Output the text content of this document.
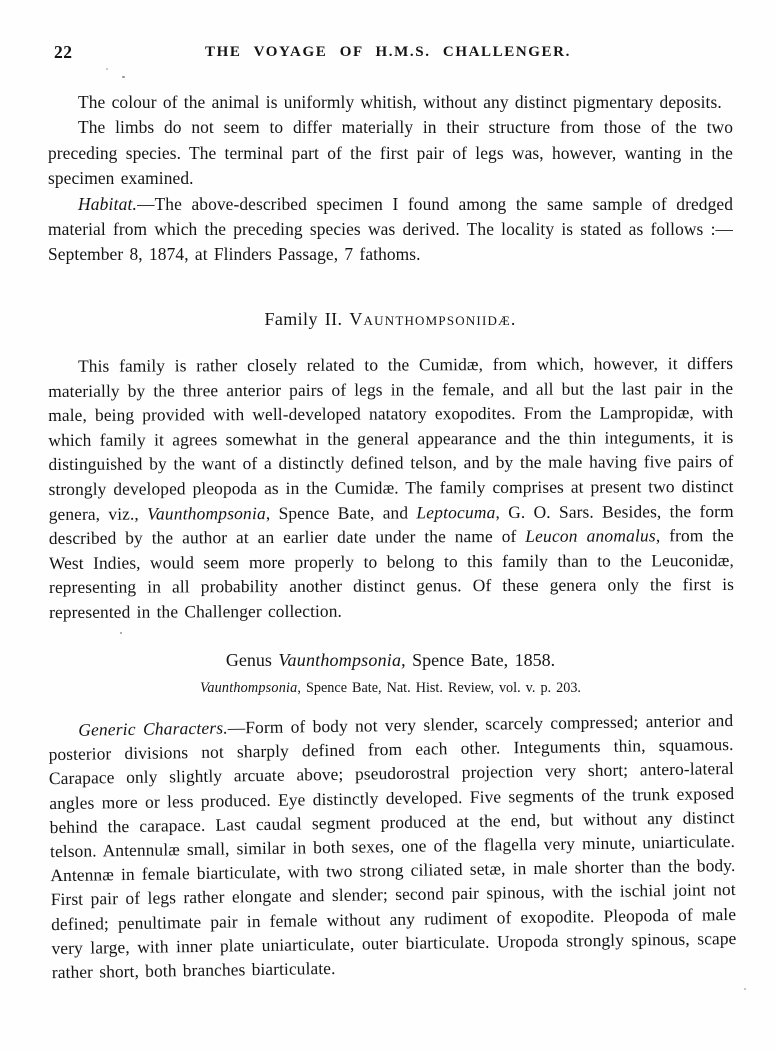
22	THE VOYAGE OF H.M.S. CHALLENGER.

The colour of the animal is uniformly whitish, without any distinct pigmentary deposits.

The limbs do not seem to differ materially in their structure from those of the two preceding species. The terminal part of the first pair of legs was, however, wanting in the specimen examined.

Habitat.—The above-described specimen I found among the same sample of dredged material from which the preceding species was derived. The locality is stated as follows :—September 8, 1874, at Flinders Passage, 7 fathoms.

Family II. Vaunthompsoniidæ.

This family is rather closely related to the Cumidæ, from which, however, it differs materially by the three anterior pairs of legs in the female, and all but the last pair in the male, being provided with well-developed natatory exopodites. From the Lampropidæ, with which family it agrees somewhat in the general appearance and the thin integuments, it is distinguished by the want of a distinctly defined telson, and by the male having five pairs of strongly developed pleopoda as in the Cumidæ. The family comprises at present two distinct genera, viz., Vaunthompsonia, Spence Bate, and Leptocuma, G. O. Sars. Besides, the form described by the author at an earlier date under the name of Leucon anomalus, from the West Indies, would seem more properly to belong to this family than to the Leuconidæ, representing in all probability another distinct genus. Of these genera only the first is represented in the Challenger collection.

Genus Vaunthompsonia, Spence Bate, 1858.
Vaunthompsonia, Spence Bate, Nat. Hist. Review, vol. v. p. 203.

Generic Characters.—Form of body not very slender, scarcely compressed; anterior and posterior divisions not sharply defined from each other. Integuments thin, squamous. Carapace only slightly arcuate above; pseudorostral projection very short; antero-lateral angles more or less produced. Eye distinctly developed. Five segments of the trunk exposed behind the carapace. Last caudal segment produced at the end, but without any distinct telson. Antennulæ small, similar in both sexes, one of the flagella very minute, uniarticulate. Antennæ in female biarticulate, with two strong ciliated setæ, in male shorter than the body. First pair of legs rather elongate and slender; second pair spinous, with the ischial joint not defined; penultimate pair in female without any rudiment of exopodite. Pleopoda of male very large, with inner plate uniarticulate, outer biarticulate. Uropoda strongly spinous, scape rather short, both branches biarticulate.
